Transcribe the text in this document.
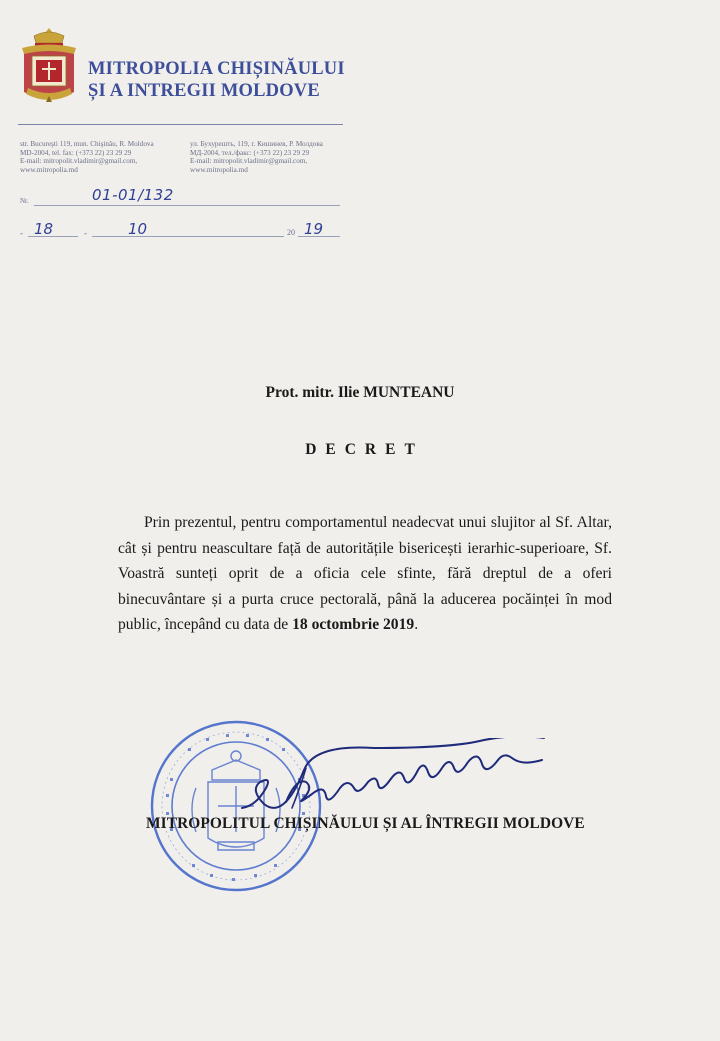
MITROPOLIA CHIȘINĂULUI
ȘI A INTREGII MOLDOVE
str. Bucureşti 119, mun. Chişinău, R. Moldova
MD-2004, tel. fax: (+373 22) 23 29 29
E-mail: mitropolit.vladimir@gmail.com,
www.mitropolia.md
ул. Бухурешть, 119, г. Кишинев, Р. Молдова
МД-2004, тел./факс: (+373 22) 23 29 29
E-mail: mitropolit.vladimir@gmail.com,
www.mitropolia.md
Nr.	01-01/132
- 18	-	10	20 19
Prot. mitr. Ilie MUNTEANU
DECRET
Prin prezentul, pentru comportamentul neadecvat unui slujitor al Sf. Altar, cât și pentru neascultare față de autoritățile bisericești ierarhic-superioare, Sf. Voastră sunteți oprit de a oficia cele sfinte, fără dreptul de a oferi binecuvântare și a purta cruce pectorală, până la aducerea pocăinței în mod public, începând cu data de 18 octombrie 2019.
MITROPOLITUL CHIȘINĂULUI ȘI AL ÎNTREGII MOLDOVE
